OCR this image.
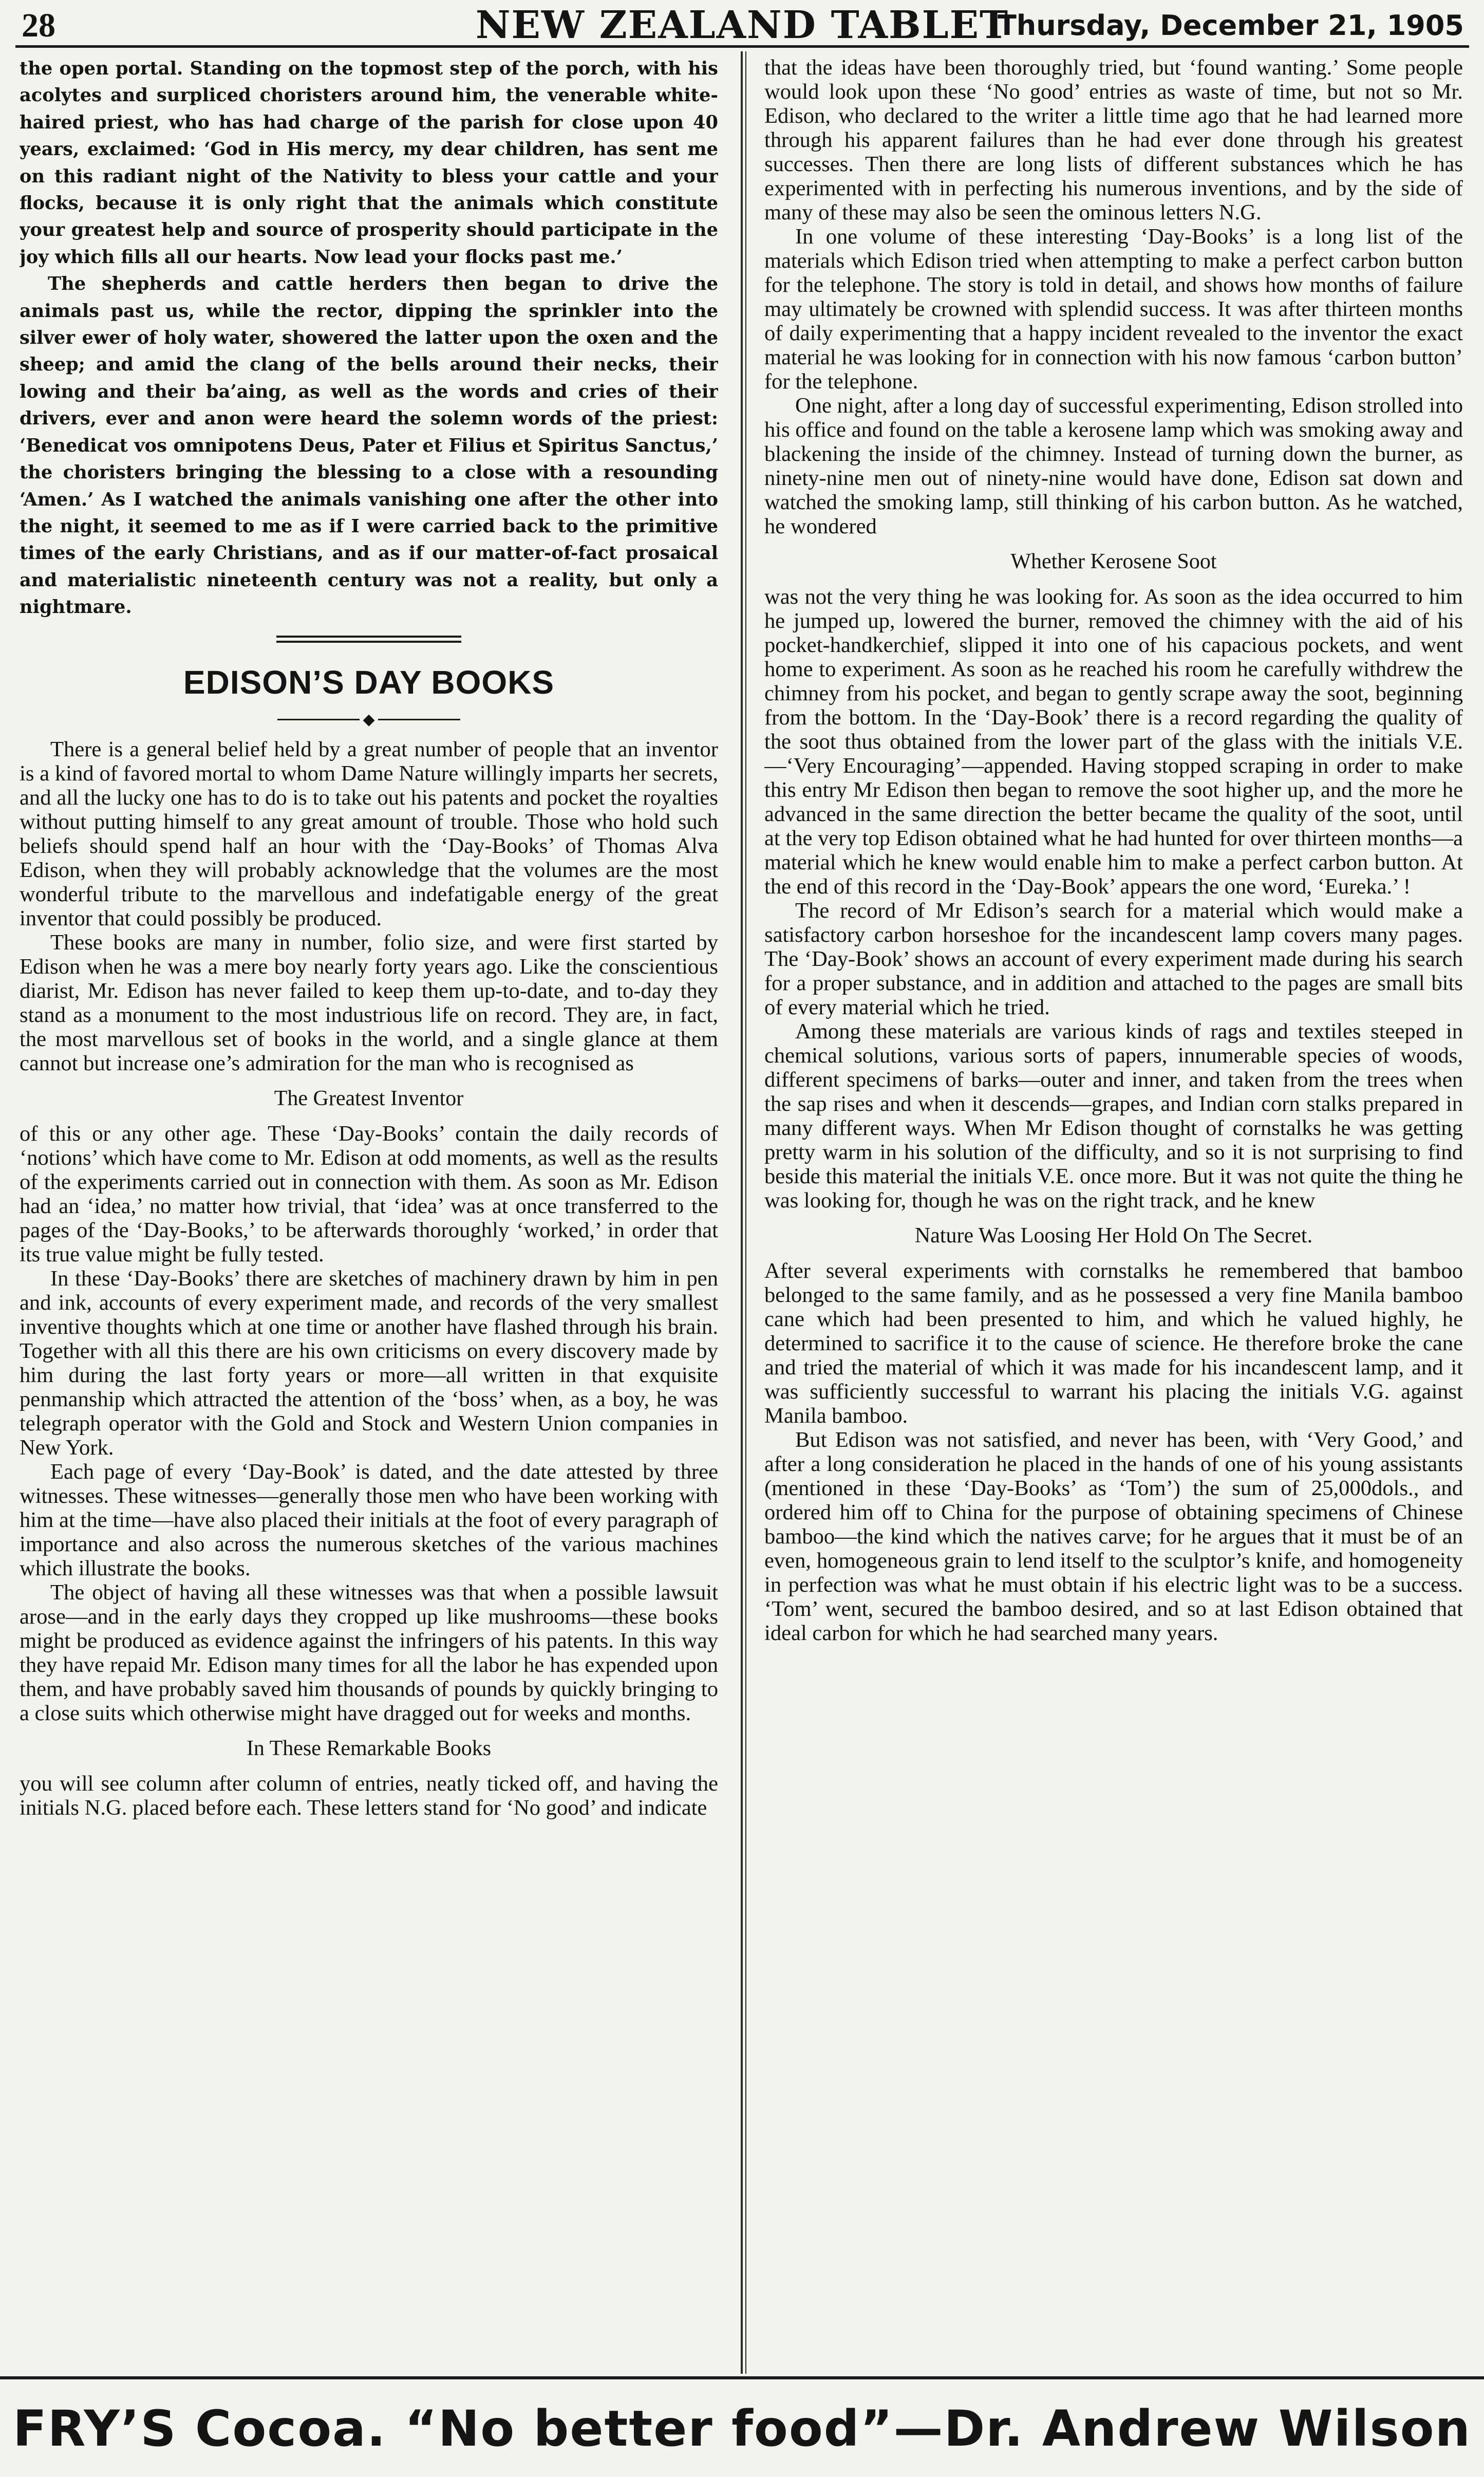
28	NEW ZEALAND TABLET
Thursday, December 21, 1905

the open portal. Standing on the topmost step of the porch, with his acolytes and surpliced choristers around him, the venerable white-haired priest, who has had charge of the parish for close upon 40 years, exclaimed: ‘God in His mercy, my dear children, has sent me on this radiant night of the Nativity to bless your cattle and your flocks, because it is only right that the animals which constitute your greatest help and source of prosperity should participate in the joy which fills all our hearts. Now lead your flocks past me.’

The shepherds and cattle herders then began to drive the animals past us, while the rector, dipping the sprinkler into the silver ewer of holy water, showered the latter upon the oxen and the sheep; and amid the clang of the bells around their necks, their lowing and their ba’aing, as well as the words and cries of their drivers, ever and anon were heard the solemn words of the priest: ‘Benedicat vos omnipotens Deus, Pater et Filius et Spiritus Sanctus,’ the choristers bringing the blessing to a close with a resounding ‘Amen.’ As I watched the animals vanishing one after the other into the night, it seemed to me as if I were carried back to the primitive times of the early Christians, and as if our matter-of-fact prosaical and materialistic nineteenth century was not a reality, but only a nightmare.

EDISON’S DAY BOOKS
◆

There is a general belief held by a great number of people that an inventor is a kind of favored mortal to whom Dame Nature willingly imparts her secrets, and all the lucky one has to do is to take out his patents and pocket the royalties without putting himself to any great amount of trouble. Those who hold such beliefs should spend half an hour with the ‘Day-Books’ of Thomas Alva Edison, when they will probably acknowledge that the volumes are the most wonderful tribute to the marvellous and indefatigable energy of the great inventor that could possibly be produced.

These books are many in number, folio size, and were first started by Edison when he was a mere boy nearly forty years ago. Like the conscientious diarist, Mr. Edison has never failed to keep them up-to-date, and to-day they stand as a monument to the most industrious life on record. They are, in fact, the most marvellous set of books in the world, and a single glance at them cannot but increase one’s admiration for the man who is recognised as

The Greatest Inventor

of this or any other age. These ‘Day-Books’ contain the daily records of ‘notions’ which have come to Mr. Edison at odd moments, as well as the results of the experiments carried out in connection with them. As soon as Mr. Edison had an ‘idea,’ no matter how trivial, that ‘idea’ was at once transferred to the pages of the ‘Day-Books,’ to be afterwards thoroughly ‘worked,’ in order that its true value might be fully tested.

In these ‘Day-Books’ there are sketches of machinery drawn by him in pen and ink, accounts of every experiment made, and records of the very smallest inventive thoughts which at one time or another have flashed through his brain. Together with all this there are his own criticisms on every discovery made by him during the last forty years or more—all written in that exquisite penmanship which attracted the attention of the ‘boss’ when, as a boy, he was telegraph operator with the Gold and Stock and Western Union companies in New York.

Each page of every ‘Day-Book’ is dated, and the date attested by three witnesses. These witnesses—generally those men who have been working with him at the time—have also placed their initials at the foot of every paragraph of importance and also across the numerous sketches of the various machines which illustrate the books.

The object of having all these witnesses was that when a possible lawsuit arose—and in the early days they cropped up like mushrooms—these books might be produced as evidence against the infringers of his patents. In this way they have repaid Mr. Edison many times for all the labor he has expended upon them, and have probably saved him thousands of pounds by quickly bringing to a close suits which otherwise might have dragged out for weeks and months.

In These Remarkable Books

you will see column after column of entries, neatly ticked off, and having the initials N.G. placed before each. These letters stand for ‘No good’ and indicate

that the ideas have been thoroughly tried, but ‘found wanting.’ Some people would look upon these ‘No good’ entries as waste of time, but not so Mr. Edison, who declared to the writer a little time ago that he had learned more through his apparent failures than he had ever done through his greatest successes. Then there are long lists of different substances which he has experimented with in perfecting his numerous inventions, and by the side of many of these may also be seen the ominous letters N.G.

In one volume of these interesting ‘Day-Books’ is a long list of the materials which Edison tried when attempting to make a perfect carbon button for the telephone. The story is told in detail, and shows how months of failure may ultimately be crowned with splendid success. It was after thirteen months of daily experimenting that a happy incident revealed to the inventor the exact material he was looking for in connection with his now famous ‘carbon button’ for the telephone.

One night, after a long day of successful experimenting, Edison strolled into his office and found on the table a kerosene lamp which was smoking away and blackening the inside of the chimney. Instead of turning down the burner, as ninety-nine men out of ninety-nine would have done, Edison sat down and watched the smoking lamp, still thinking of his carbon button. As he watched, he wondered

Whether Kerosene Soot

was not the very thing he was looking for. As soon as the idea occurred to him he jumped up, lowered the burner, removed the chimney with the aid of his pocket-handkerchief, slipped it into one of his capacious pockets, and went home to experiment. As soon as he reached his room he carefully withdrew the chimney from his pocket, and began to gently scrape away the soot, beginning from the bottom. In the ‘Day-Book’ there is a record regarding the quality of the soot thus obtained from the lower part of the glass with the initials V.E.—‘Very Encouraging’—appended. Having stopped scraping in order to make this entry Mr Edison then began to remove the soot higher up, and the more he advanced in the same direction the better became the quality of the soot, until at the very top Edison obtained what he had hunted for over thirteen months—a material which he knew would enable him to make a perfect carbon button. At the end of this record in the ‘Day-Book’ appears the one word, ‘Eureka.’ !

The record of Mr Edison’s search for a material which would make a satisfactory carbon horseshoe for the incandescent lamp covers many pages. The ‘Day-Book’ shows an account of every experiment made during his search for a proper substance, and in addition and attached to the pages are small bits of every material which he tried.

Among these materials are various kinds of rags and textiles steeped in chemical solutions, various sorts of papers, innumerable species of woods, different specimens of barks—outer and inner, and taken from the trees when the sap rises and when it descends—grapes, and Indian corn stalks prepared in many different ways. When Mr Edison thought of cornstalks he was getting pretty warm in his solution of the difficulty, and so it is not surprising to find beside this material the initials V.E. once more. But it was not quite the thing he was looking for, though he was on the right track, and he knew

Nature Was Loosing Her Hold On The Secret.

After several experiments with cornstalks he remembered that bamboo belonged to the same family, and as he possessed a very fine Manila bamboo cane which had been presented to him, and which he valued highly, he determined to sacrifice it to the cause of science. He therefore broke the cane and tried the material of which it was made for his incandescent lamp, and it was sufficiently successful to warrant his placing the initials V.G. against Manila bamboo.

But Edison was not satisfied, and never has been, with ‘Very Good,’ and after a long consideration he placed in the hands of one of his young assistants (mentioned in these ‘Day-Books’ as ‘Tom’) the sum of 25,000dols., and ordered him off to China for the purpose of obtaining specimens of Chinese bamboo—the kind which the natives carve; for he argues that it must be of an even, homogeneous grain to lend itself to the sculptor’s knife, and homogeneity in perfection was what he must obtain if his electric light was to be a success. ‘Tom’ went, secured the bamboo desired, and so at last Edison obtained that ideal carbon for which he had searched many years.

FRY’S Cocoa. “No better food”—Dr. Andrew Wilson
